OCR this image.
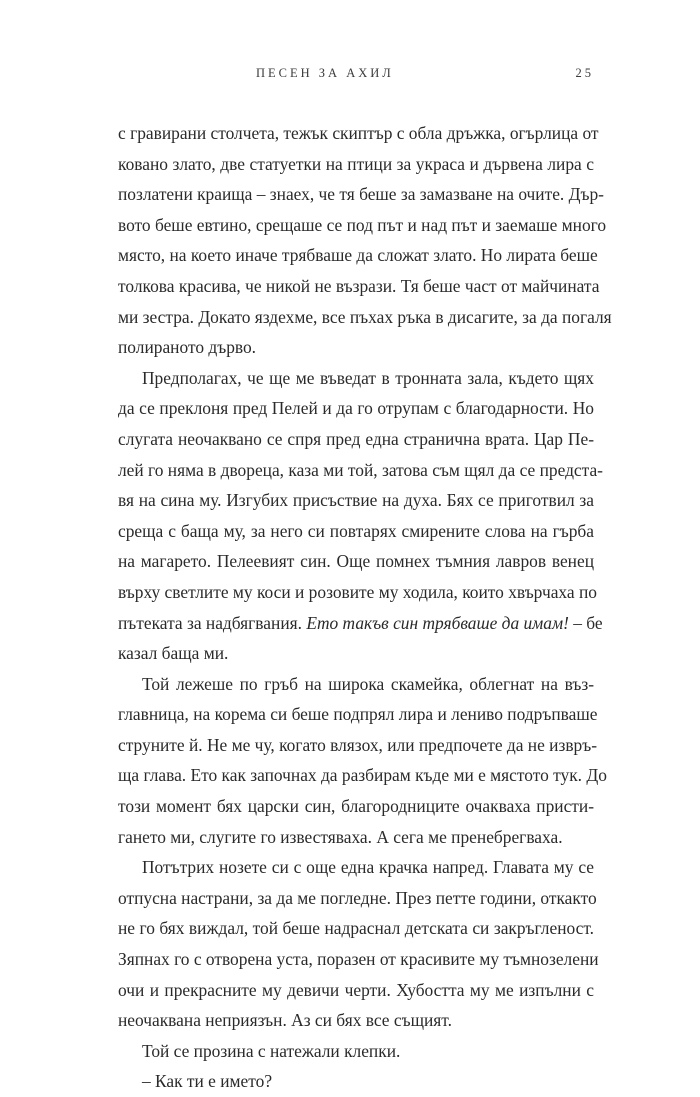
ПЕСЕН ЗА АХИЛ	25
с гравирани столчета, тежък скиптър с обла дръжка, огърлица от
ковано злато, две статуетки на птици за украса и дървена лира с
позлатени краища – знаех, че тя беше за замазване на очите. Дър-
вото беше евтино, срещаше се под път и над път и заемаше много
място, на което иначе трябваше да сложат злато. Но лирата беше
толкова красива, че никой не възрази. Тя беше част от майчината
ми зестра. Докато яздехме, все пъхах ръка в дисагите, за да погаля
полираното дърво.
Предполагах, че ще ме въведат в тронната зала, където щях
да се преклоня пред Пелей и да го отрупам с благодарности. Но
слугата неочаквано се спря пред една странична врата. Цар Пе-
лей го няма в двореца, каза ми той, затова съм щял да се предста-
вя на сина му. Изгубих присъствие на духа. Бях се приготвил за
среща с баща му, за него си повтарях смирените слова на гърба
на магарето. Пелеевият син. Още помнех тъмния лавров венец
върху светлите му коси и розовите му ходила, които хвърчаха по
пътеката за надбягвания. Ето такъв син трябваше да имам! – бе
казал баща ми.
Той лежеше по гръб на широка скамейка, облегнат на въз-
главница, на корема си беше подпрял лира и лениво подръпваше
струните й. Не ме чу, когато влязох, или предпочете да не извръ-
ща глава. Ето как започнах да разбирам къде ми е мястото тук. До
този момент бях царски син, благородниците очакваха присти-
гането ми, слугите го известяваха. А сега ме пренебрегваха.
Потътрих нозете си с още една крачка напред. Главата му се
отпусна настрани, за да ме погледне. През петте години, откакто
не го бях виждал, той беше надраснал детската си закръгленост.
Зяпнах го с отворена уста, поразен от красивите му тъмнозелени
очи и прекрасните му девичи черти. Хубостта му ме изпълни с
неочаквана неприязън. Аз си бях все същият.
Той се прозина с натежали клепки.
– Как ти е името?
